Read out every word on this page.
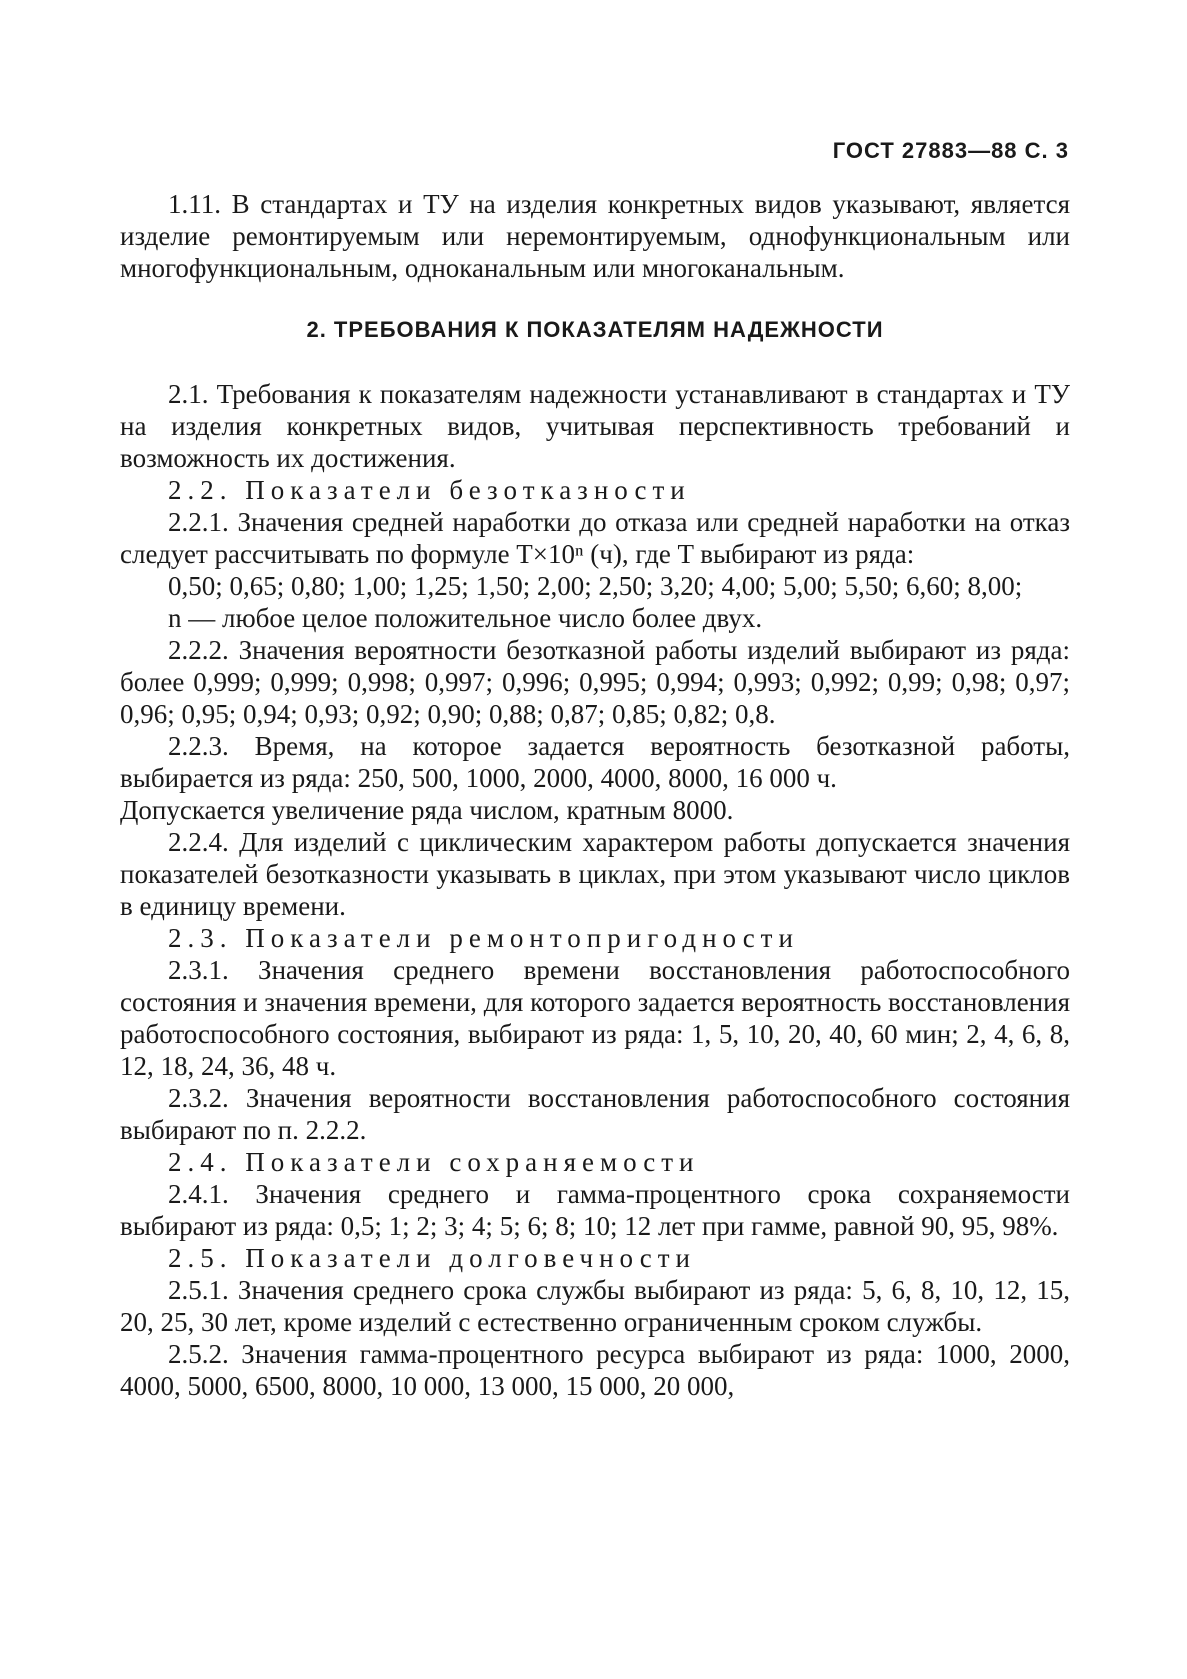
ГОСТ 27883—88 С. 3

1.11. В стандартах и ТУ на изделия конкретных видов указывают, является изделие ремонтируемым или неремонтируемым, однофункциональным или многофункциональным, одноканальным или многоканальным.

2. ТРЕБОВАНИЯ К ПОКАЗАТЕЛЯМ НАДЕЖНОСТИ

2.1. Требования к показателям надежности устанавливают в стандартах и ТУ на изделия конкретных видов, учитывая перспективность требований и возможность их достижения.

2.2. Показатели безотказности

2.2.1. Значения средней наработки до отказа или средней наработки на отказ следует рассчитывать по формуле T×10ⁿ (ч), где T выбирают из ряда:

0,50; 0,65; 0,80; 1,00; 1,25; 1,50; 2,00; 2,50; 3,20; 4,00; 5,00; 5,50; 6,60; 8,00;

n — любое целое положительное число более двух.

2.2.2. Значения вероятности безотказной работы изделий выбирают из ряда: более 0,999; 0,999; 0,998; 0,997; 0,996; 0,995; 0,994; 0,993; 0,992; 0,99; 0,98; 0,97; 0,96; 0,95; 0,94; 0,93; 0,92; 0,90; 0,88; 0,87; 0,85; 0,82; 0,8.

2.2.3. Время, на которое задается вероятность безотказной работы, выбирается из ряда: 250, 500, 1000, 2000, 4000, 8000, 16 000 ч.

Допускается увеличение ряда числом, кратным 8000.

2.2.4. Для изделий с циклическим характером работы допускается значения показателей безотказности указывать в циклах, при этом указывают число циклов в единицу времени.

2.3. Показатели ремонтопригодности

2.3.1. Значения среднего времени восстановления работоспособного состояния и значения времени, для которого задается вероятность восстановления работоспособного состояния, выбирают из ряда: 1, 5, 10, 20, 40, 60 мин; 2, 4, 6, 8, 12, 18, 24, 36, 48 ч.

2.3.2. Значения вероятности восстановления работоспособного состояния выбирают по п. 2.2.2.

2.4. Показатели сохраняемости

2.4.1. Значения среднего и гамма-процентного срока сохраняемости выбирают из ряда: 0,5; 1; 2; 3; 4; 5; 6; 8; 10; 12 лет при гамме, равной 90, 95, 98%.

2.5. Показатели долговечности

2.5.1. Значения среднего срока службы выбирают из ряда: 5, 6, 8, 10, 12, 15, 20, 25, 30 лет, кроме изделий с естественно ограниченным сроком службы.

2.5.2. Значения гамма-процентного ресурса выбирают из ряда: 1000, 2000, 4000, 5000, 6500, 8000, 10 000, 13 000, 15 000, 20 000,
